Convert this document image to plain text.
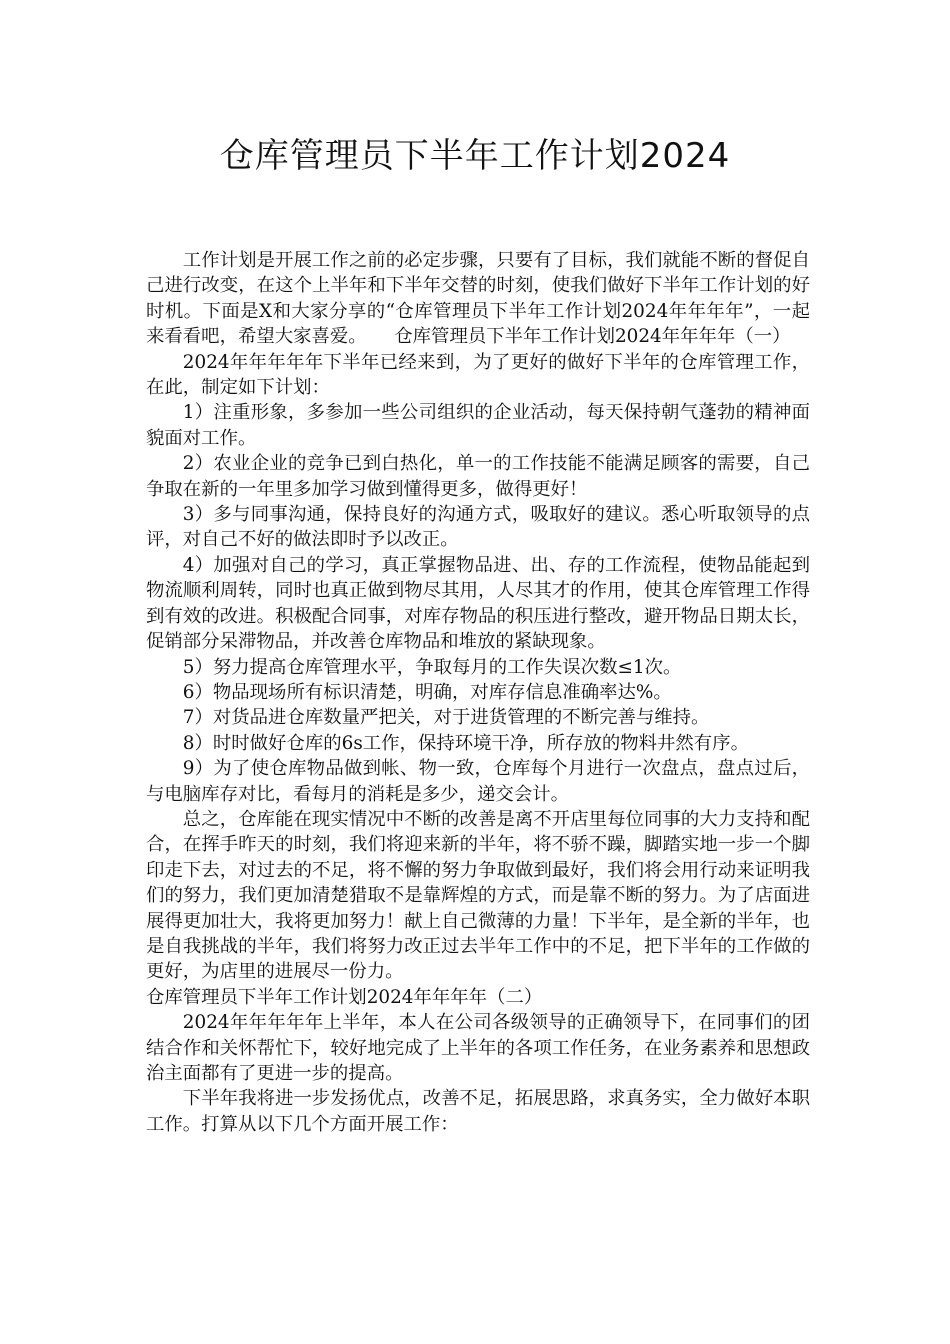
仓库管理员下半年工作计划2024

工作计划是开展工作之前的必定步骤，只要有了目标，我们就能不断的督促自己进行改变，在这个上半年和下半年交替的时刻，使我们做好下半年工作计划的好时机。下面是X和大家分享的“仓库管理员下半年工作计划2024年年年年”，一起来看看吧，希望大家喜爱。　　仓库管理员下半年工作计划2024年年年年（一）

2024年年年年年下半年已经来到，为了更好的做好下半年的仓库管理工作，在此，制定如下计划：

1）注重形象，多参加一些公司组织的企业活动，每天保持朝气蓬勃的精神面貌面对工作。

2）农业企业的竞争已到白热化，单一的工作技能不能满足顾客的需要，自己争取在新的一年里多加学习做到懂得更多，做得更好！

3）多与同事沟通，保持良好的沟通方式，吸取好的建议。悉心听取领导的点评，对自己不好的做法即时予以改正。

4）加强对自己的学习，真正掌握物品进、出、存的工作流程，使物品能起到物流顺利周转，同时也真正做到物尽其用，人尽其才的作用，使其仓库管理工作得到有效的改进。积极配合同事，对库存物品的积压进行整改，避开物品日期太长，促销部分呆滞物品，并改善仓库物品和堆放的紧缺现象。

5）努力提高仓库管理水平，争取每月的工作失误次数≤1次。

6）物品现场所有标识清楚，明确，对库存信息准确率达%。

7）对货品进仓库数量严把关，对于进货管理的不断完善与维持。

8）时时做好仓库的6s工作，保持环境干净，所存放的物料井然有序。

9）为了使仓库物品做到帐、物一致，仓库每个月进行一次盘点，盘点过后，与电脑库存对比，看每月的消耗是多少，递交会计。

总之，仓库能在现实情况中不断的改善是离不开店里每位同事的大力支持和配合，在挥手昨天的时刻，我们将迎来新的半年，将不骄不躁，脚踏实地一步一个脚印走下去，对过去的不足，将不懈的努力争取做到最好，我们将会用行动来证明我们的努力，我们更加清楚猎取不是靠辉煌的方式，而是靠不断的努力。为了店面进展得更加壮大，我将更加努力！献上自己微薄的力量！下半年，是全新的半年，也是自我挑战的半年，我们将努力改正过去半年工作中的不足，把下半年的工作做的更好，为店里的进展尽一份力。

仓库管理员下半年工作计划2024年年年年（二）

2024年年年年年上半年，本人在公司各级领导的正确领导下，在同事们的团结合作和关怀帮忙下，较好地完成了上半年的各项工作任务，在业务素养和思想政治主面都有了更进一步的提高。

下半年我将进一步发扬优点，改善不足，拓展思路，求真务实，全力做好本职工作。打算从以下几个方面开展工作：
